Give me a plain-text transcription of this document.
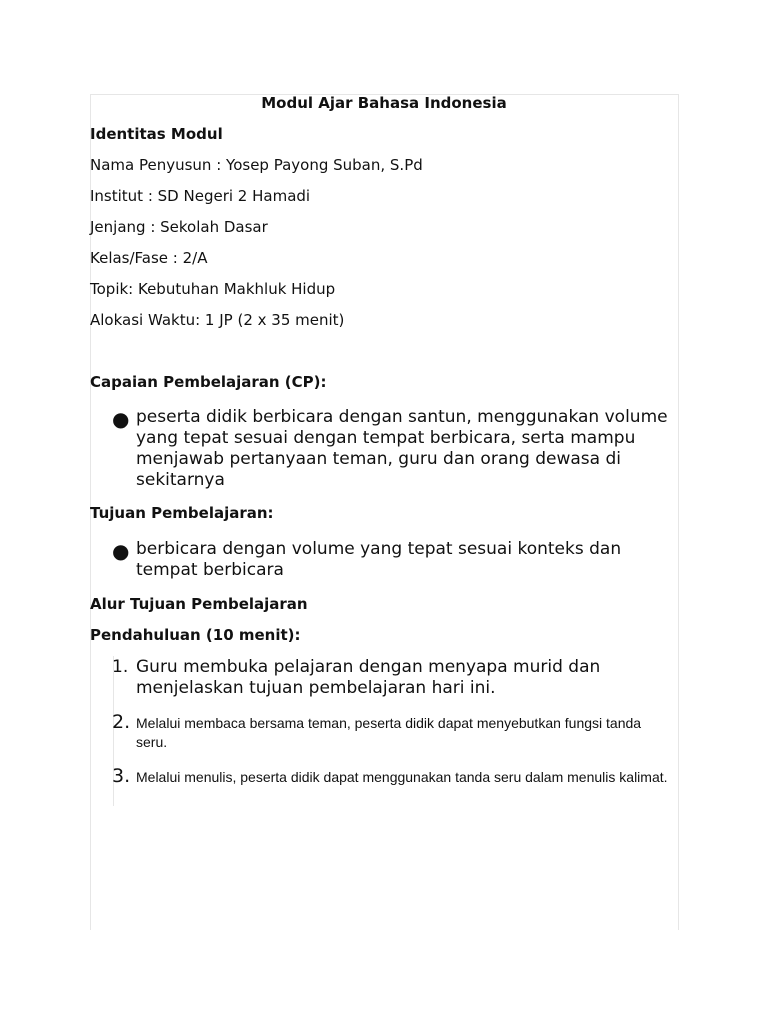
Modul Ajar Bahasa Indonesia
Identitas Modul
Nama Penyusun : Yosep Payong Suban, S.Pd
Institut : SD Negeri 2 Hamadi
Jenjang : Sekolah Dasar
Kelas/Fase : 2/A
Topik: Kebutuhan Makhluk Hidup
Alokasi Waktu: 1 JP (2 x 35 menit)
Capaian Pembelajaran (CP):
● peserta didik berbicara dengan santun, menggunakan volume yang tepat sesuai dengan tempat berbicara, serta mampu menjawab pertanyaan teman, guru dan orang dewasa di sekitarnya
Tujuan Pembelajaran:
● berbicara dengan volume yang tepat sesuai konteks dan tempat berbicara
Alur Tujuan Pembelajaran
Pendahuluan (10 menit):
1. Guru membuka pelajaran dengan menyapa murid dan menjelaskan tujuan pembelajaran hari ini.
2. Melalui membaca bersama teman, peserta didik dapat menyebutkan fungsi tanda seru.
3. Melalui menulis, peserta didik dapat menggunakan tanda seru dalam menulis kalimat.
